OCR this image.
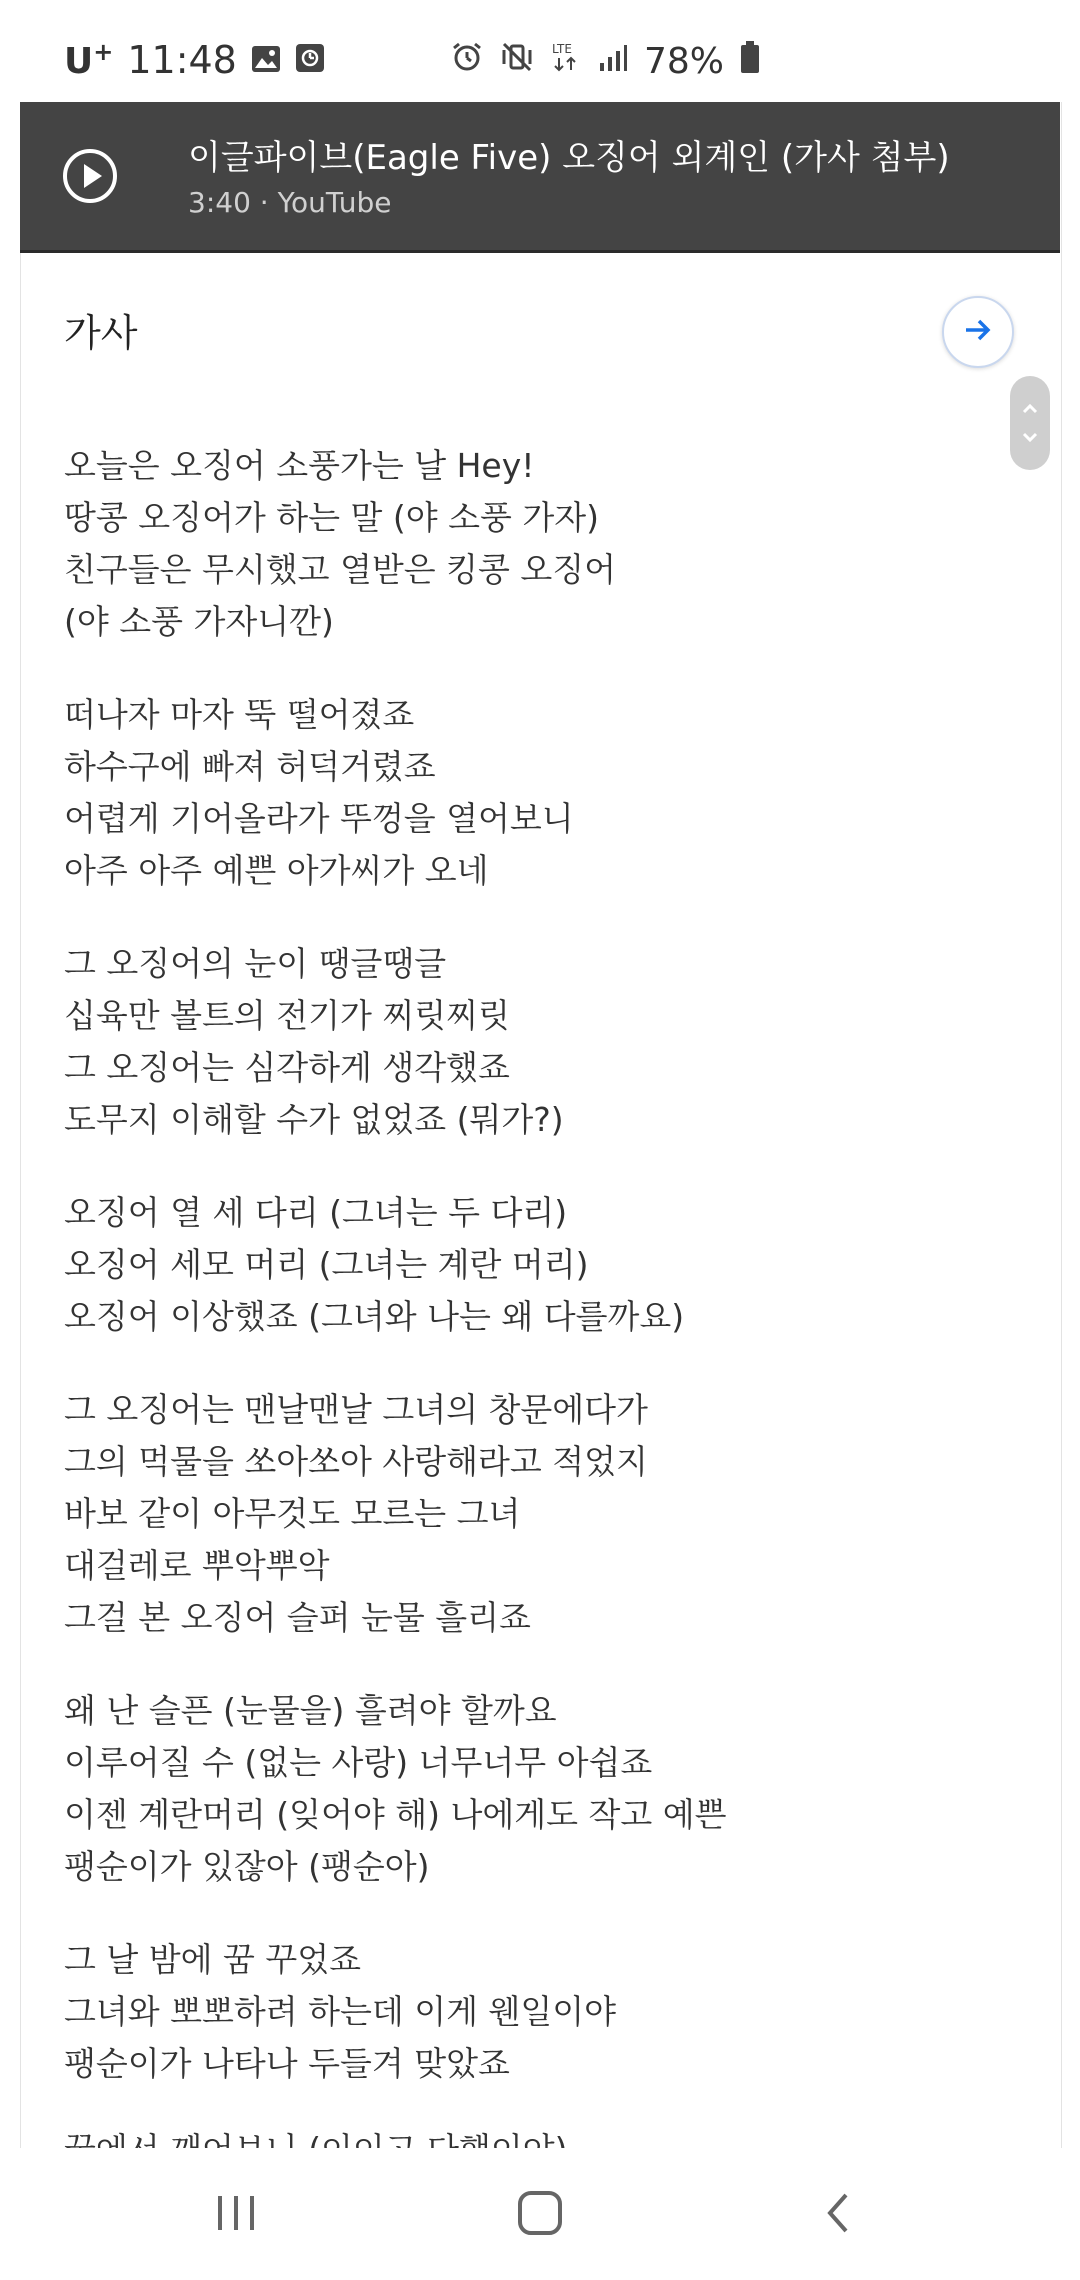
U+ 11:48	LTE 78%
이글파이브(Eagle Five) 오징어 외계인 (가사 첨부)
3:40 · YouTube
가사
오늘은 오징어 소풍가는 날 Hey!
땅콩 오징어가 하는 말 (야 소풍 가자)
친구들은 무시했고 열받은 킹콩 오징어
(야 소풍 가자니깐)
떠나자 마자 뚝 떨어졌죠
하수구에 빠져 허덕거렸죠
어렵게 기어올라가 뚜껑을 열어보니
아주 아주 예쁜 아가씨가 오네
그 오징어의 눈이 땡글땡글
십육만 볼트의 전기가 찌릿찌릿
그 오징어는 심각하게 생각했죠
도무지 이해할 수가 없었죠 (뭐가?)
오징어 열 세 다리 (그녀는 두 다리)
오징어 세모 머리 (그녀는 계란 머리)
오징어 이상했죠 (그녀와 나는 왜 다를까요)
그 오징어는 맨날맨날 그녀의 창문에다가
그의 먹물을 쏘아쏘아 사랑해라고 적었지
바보 같이 아무것도 모르는 그녀
대걸레로 뿌악뿌악
그걸 본 오징어 슬퍼 눈물 흘리죠
왜 난 슬픈 (눈물을) 흘려야 할까요
이루어질 수 (없는 사랑) 너무너무 아쉽죠
이젠 계란머리 (잊어야 해) 나에게도 작고 예쁜
팽순이가 있잖아 (팽순아)
그 날 밤에 꿈 꾸었죠
그녀와 뽀뽀하려 하는데 이게 웬일이야
팽순이가 나타나 두들겨 맞았죠
